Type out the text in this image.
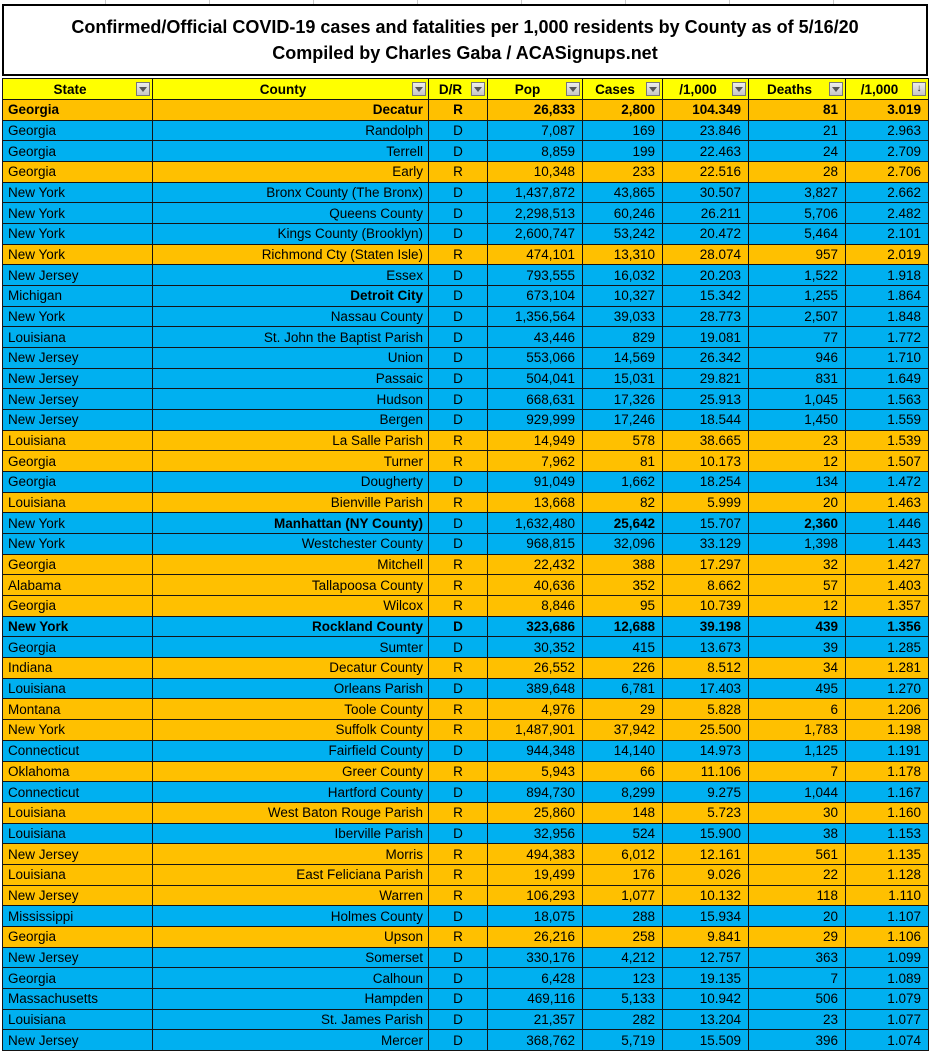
Confirmed/Official COVID-19 cases and fatalities per 1,000 residents by County as of 5/16/20
Compiled by Charles Gaba / ACASignups.net
State	County	D/R	Pop	Cases	/1,000	Deaths	/1,000 ↓

Georgia	Decatur	R	26,833	2,800	104.349	81	3.019
Georgia	Randolph	D	7,087	169	23.846	21	2.963
Georgia	Terrell	D	8,859	199	22.463	24	2.709
Georgia	Early	R	10,348	233	22.516	28	2.706
New York	Bronx County (The Bronx)	D	1,437,872	43,865	30.507	3,827	2.662
New York	Queens County	D	2,298,513	60,246	26.211	5,706	2.482
New York	Kings County (Brooklyn)	D	2,600,747	53,242	20.472	5,464	2.101
New York	Richmond Cty (Staten Isle)	R	474,101	13,310	28.074	957	2.019
New Jersey	Essex	D	793,555	16,032	20.203	1,522	1.918
Michigan	Detroit City	D	673,104	10,327	15.342	1,255	1.864
New York	Nassau County	D	1,356,564	39,033	28.773	2,507	1.848
Louisiana	St. John the Baptist Parish	D	43,446	829	19.081	77	1.772
New Jersey	Union	D	553,066	14,569	26.342	946	1.710
New Jersey	Passaic	D	504,041	15,031	29.821	831	1.649
New Jersey	Hudson	D	668,631	17,326	25.913	1,045	1.563
New Jersey	Bergen	D	929,999	17,246	18.544	1,450	1.559
Louisiana	La Salle Parish	R	14,949	578	38.665	23	1.539
Georgia	Turner	R	7,962	81	10.173	12	1.507
Georgia	Dougherty	D	91,049	1,662	18.254	134	1.472
Louisiana	Bienville Parish	R	13,668	82	5.999	20	1.463
New York	Manhattan (NY County)	D	1,632,480	25,642	15.707	2,360	1.446
New York	Westchester County	D	968,815	32,096	33.129	1,398	1.443
Georgia	Mitchell	R	22,432	388	17.297	32	1.427
Alabama	Tallapoosa County	R	40,636	352	8.662	57	1.403
Georgia	Wilcox	R	8,846	95	10.739	12	1.357
New York	Rockland County	D	323,686	12,688	39.198	439	1.356
Georgia	Sumter	D	30,352	415	13.673	39	1.285
Indiana	Decatur County	R	26,552	226	8.512	34	1.281
Louisiana	Orleans Parish	D	389,648	6,781	17.403	495	1.270
Montana	Toole County	R	4,976	29	5.828	6	1.206
New York	Suffolk County	R	1,487,901	37,942	25.500	1,783	1.198
Connecticut	Fairfield County	D	944,348	14,140	14.973	1,125	1.191
Oklahoma	Greer County	R	5,943	66	11.106	7	1.178
Connecticut	Hartford County	D	894,730	8,299	9.275	1,044	1.167
Louisiana	West Baton Rouge Parish	R	25,860	148	5.723	30	1.160
Louisiana	Iberville Parish	D	32,956	524	15.900	38	1.153
New Jersey	Morris	R	494,383	6,012	12.161	561	1.135
Louisiana	East Feliciana Parish	R	19,499	176	9.026	22	1.128
New Jersey	Warren	R	106,293	1,077	10.132	118	1.110
Mississippi	Holmes County	D	18,075	288	15.934	20	1.107
Georgia	Upson	R	26,216	258	9.841	29	1.106
New Jersey	Somerset	D	330,176	4,212	12.757	363	1.099
Georgia	Calhoun	D	6,428	123	19.135	7	1.089
Massachusetts	Hampden	D	469,116	5,133	10.942	506	1.079
Louisiana	St. James Parish	D	21,357	282	13.204	23	1.077
New Jersey	Mercer	D	368,762	5,719	15.509	396	1.074
